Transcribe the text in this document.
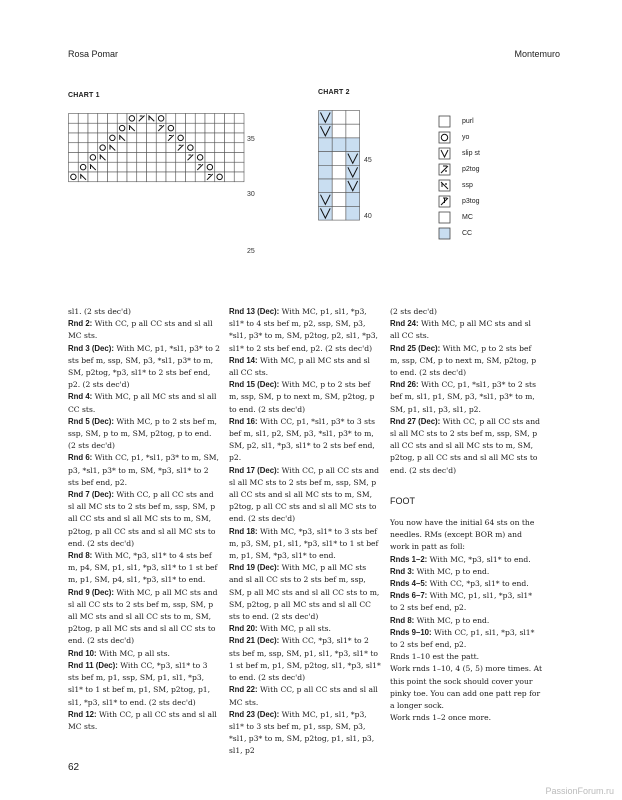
Rosa Pomar	Montemuro
CHART 1	CHART 2
35
30
25
45
40
purl
yo
slip st
p2tog
ssp
p3tog
MC
CC

sl1. (2 sts dec'd)

Rnd 2: With CC, p all CC sts and sl all MC sts.

Rnd 3 (Dec): With MC, p1, *sl1, p3* to 2 sts bef m, ssp, SM, p3, *sl1, p3* to m, SM, p2tog, *p3, sl1* to 2 sts bef end, p2. (2 sts dec'd)

Rnd 4: With MC, p all MC sts and sl all CC sts.

Rnd 5 (Dec): With MC, p to 2 sts bef m, ssp, SM, p to m, SM, p2tog, p to end. (2 sts dec'd)

Rnd 6: With CC, p1, *sl1, p3* to m, SM, p3, *sl1, p3* to m, SM, *p3, sl1* to 2 sts bef end, p2.

Rnd 7 (Dec): With CC, p all CC sts and sl all MC sts to 2 sts bef m, ssp, SM, p all CC sts and sl all MC sts to m, SM, p2tog, p all CC sts and sl all MC sts to end. (2 sts dec'd)

Rnd 8: With MC, *p3, sl1* to 4 sts bef m, p4, SM, p1, sl1, *p3, sl1* to 1 st bef m, p1, SM, p4, sl1, *p3, sl1* to end.

Rnd 9 (Dec): With MC, p all MC sts and sl all CC sts to 2 sts bef m, ssp, SM, p all MC sts and sl all CC sts to m, SM, p2tog, p all MC sts and sl all CC sts to end. (2 sts dec'd)

Rnd 10: With MC, p all sts.

Rnd 11 (Dec): With CC, *p3, sl1* to 3 sts bef m, p1, ssp, SM, p1, sl1, *p3, sl1* to 1 st bef m, p1, SM, p2tog, p1, sl1, *p3, sl1* to end. (2 sts dec'd)

Rnd 12: With CC, p all CC sts and sl all MC sts.

Rnd 13 (Dec): With MC, p1, sl1, *p3, sl1* to 4 sts bef m, p2, ssp, SM, p3, *sl1, p3* to m, SM, p2tog, p2, sl1, *p3, sl1* to 2 sts bef end, p2. (2 sts dec'd)

Rnd 14: With MC, p all MC sts and sl all CC sts.

Rnd 15 (Dec): With MC, p to 2 sts bef m, ssp, SM, p to next m, SM, p2tog, p to end. (2 sts dec'd)

Rnd 16: With CC, p1, *sl1, p3* to 3 sts bef m, sl1, p2, SM, p3, *sl1, p3* to m, SM, p2, sl1, *p3, sl1* to 2 sts bef end, p2.

Rnd 17 (Dec): With CC, p all CC sts and sl all MC sts to 2 sts bef m, ssp, SM, p all CC sts and sl all MC sts to m, SM, p2tog, p all CC sts and sl all MC sts to end. (2 sts dec'd)

Rnd 18: With MC, *p3, sl1* to 3 sts bef m, p3, SM, p1, sl1, *p3, sl1* to 1 st bef m, p1, SM, *p3, sl1* to end.

Rnd 19 (Dec): With MC, p all MC sts and sl all CC sts to 2 sts bef m, ssp, SM, p all MC sts and sl all CC sts to m, SM, p2tog, p all MC sts and sl all CC sts to end. (2 sts dec'd)

Rnd 20: With MC, p all sts.

Rnd 21 (Dec): With CC, *p3, sl1* to 2 sts bef m, ssp, SM, p1, sl1, *p3, sl1* to 1 st bef m, p1, SM, p2tog, sl1, *p3, sl1* to end. (2 sts dec'd)

Rnd 22: With CC, p all CC sts and sl all MC sts.

Rnd 23 (Dec): With MC, p1, sl1, *p3, sl1* to 3 sts bef m, p1, ssp, SM, p3, *sl1, p3* to m, SM, p2tog, p1, sl1, p3, sl1, p2

(2 sts dec'd)

Rnd 24: With MC, p all MC sts and sl all CC sts.

Rnd 25 (Dec): With MC, p to 2 sts bef m, ssp, CM, p to next m, SM, p2tog, p to end. (2 sts dec'd)

Rnd 26: With CC, p1, *sl1, p3* to 2 sts bef m, sl1, p1, SM, p3, *sl1, p3* to m, SM, p1, sl1, p3, sl1, p2.

Rnd 27 (Dec): With CC, p all CC sts and sl all MC sts to 2 sts bef m, ssp, SM, p all CC sts and sl all MC sts to m, SM, p2tog, p all CC sts and sl all MC sts to end. (2 sts dec'd)

FOOT

You now have the initial 64 sts on the needles. RMs (except BOR m) and work in patt as foll:

Rnds 1–2: With MC, *p3, sl1* to end.

Rnd 3: With MC, p to end.

Rnds 4–5: With CC, *p3, sl1* to end.

Rnds 6–7: With MC, p1, sl1, *p3, sl1* to 2 sts bef end, p2.

Rnd 8: With MC, p to end.

Rnds 9–10: With CC, p1, sl1, *p3, sl1* to 2 sts bef end, p2.

Rnds 1–10 est the patt.

Work rnds 1–10, 4 (5, 5) more times. At this point the sock should cover your pinky toe. You can add one patt rep for a longer sock.

Work rnds 1–2 once more.

62
PassionForum.ru
